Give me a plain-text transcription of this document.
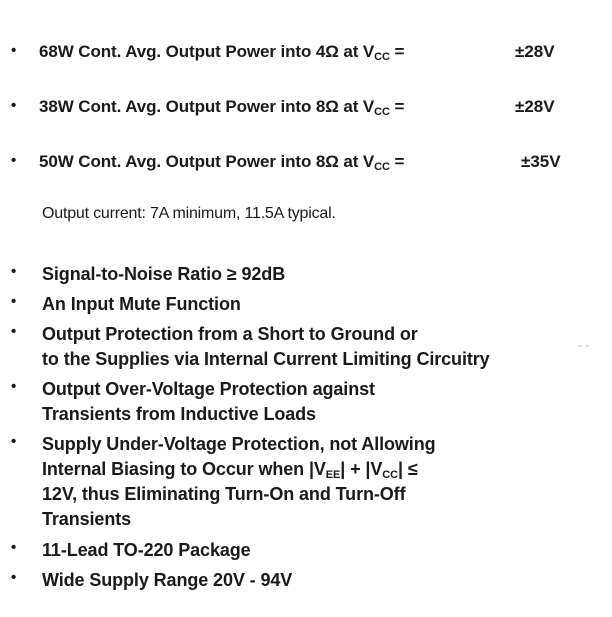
• 68W Cont. Avg. Output Power into 4Ω at $V_{CC}$ =	±28V
• 38W Cont. Avg. Output Power into 8Ω at $V_{CC}$ =	±28V
• 50W Cont. Avg. Output Power into 8Ω at $V_{CC}$ =	±35V
Output current: 7A minimum, 11.5A typical.
• Signal-to-Noise Ratio ≥ 92dB
• An Input Mute Function
• Output Protection from a Short to Ground or
to the Supplies via Internal Current Limiting Circuitry
• Output Over-Voltage Protection against
Transients from Inductive Loads
• Supply Under-Voltage Protection, not Allowing
Internal Biasing to Occur when $|V_{EE}| + |V_{CC}|$ ≤
12V, thus Eliminating Turn-On and Turn-Off
Transients
• 11-Lead TO-220 Package
• Wide Supply Range 20V - 94V
- -
